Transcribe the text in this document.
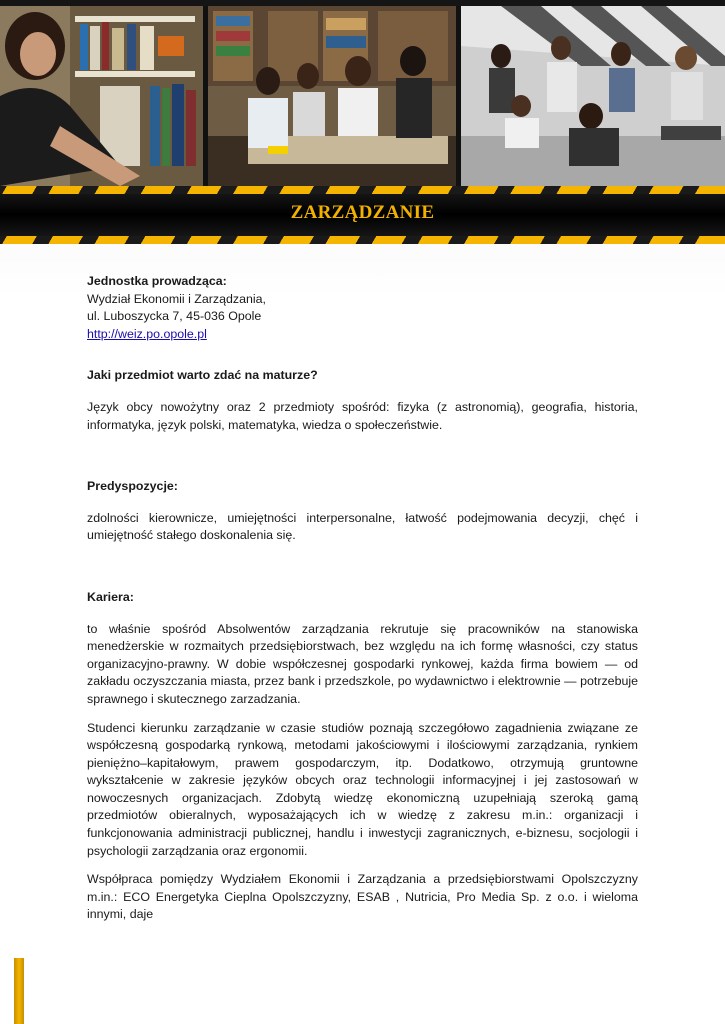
ZARZĄDZANIE

Jednostka prowadząca:

Wydział Ekonomii i Zarządzania,

ul. Luboszycka 7, 45-036 Opole

http://weiz.po.opole.pl

Jaki przedmiot warto zdać na maturze?

Język obcy nowożytny oraz 2 przedmioty spośród: fizyka (z astronomią), geografia, historia, informatyka, język polski, matematyka, wiedza o społeczeństwie.

Predyspozycje:

zdolności kierownicze, umiejętności interpersonalne, łatwość podejmowania decyzji, chęć i umiejętność stałego doskonalenia się.

Kariera:

to właśnie spośród Absolwentów zarządzania rekrutuje się pracowników na stanowiska menedżerskie w rozmaitych przedsiębiorstwach, bez względu na ich formę własności, czy status organizacyjno-prawny. W dobie współczesnej gospodarki rynkowej, każda firma bowiem — od zakładu oczyszczania miasta, przez bank i przedszkole, po wydawnictwo i elektrownie — potrzebuje sprawnego i skutecznego zarzadzania.

Studenci kierunku zarządzanie w czasie studiów poznają szczegółowo zagadnienia związane ze współczesną gospodarką rynkową, metodami jakościowymi i ilościowymi zarządzania, rynkiem pieniężno–kapitałowym, prawem gospodarczym, itp. Dodatkowo, otrzymują gruntowne wykształcenie w zakresie języków obcych oraz technologii informacyjnej i jej zastosowań w nowoczesnych organizacjach. Zdobytą wiedzę ekonomiczną uzupełniają szeroką gamą przedmiotów obieralnych, wyposażających ich w wiedzę z zakresu m.in.: organizacji i funkcjonowania administracji publicznej, handlu i inwestycji zagranicznych, e-biznesu, socjologii i psychologii zarządzania oraz ergonomii.

Współpraca pomiędzy Wydziałem Ekonomii i Zarządzania a przedsiębiorstwami Opolszczyzny m.in.: ECO Energetyka Cieplna Opolszczyzny, ESAB , Nutricia, Pro Media Sp. z o.o. i wieloma innymi, daje
